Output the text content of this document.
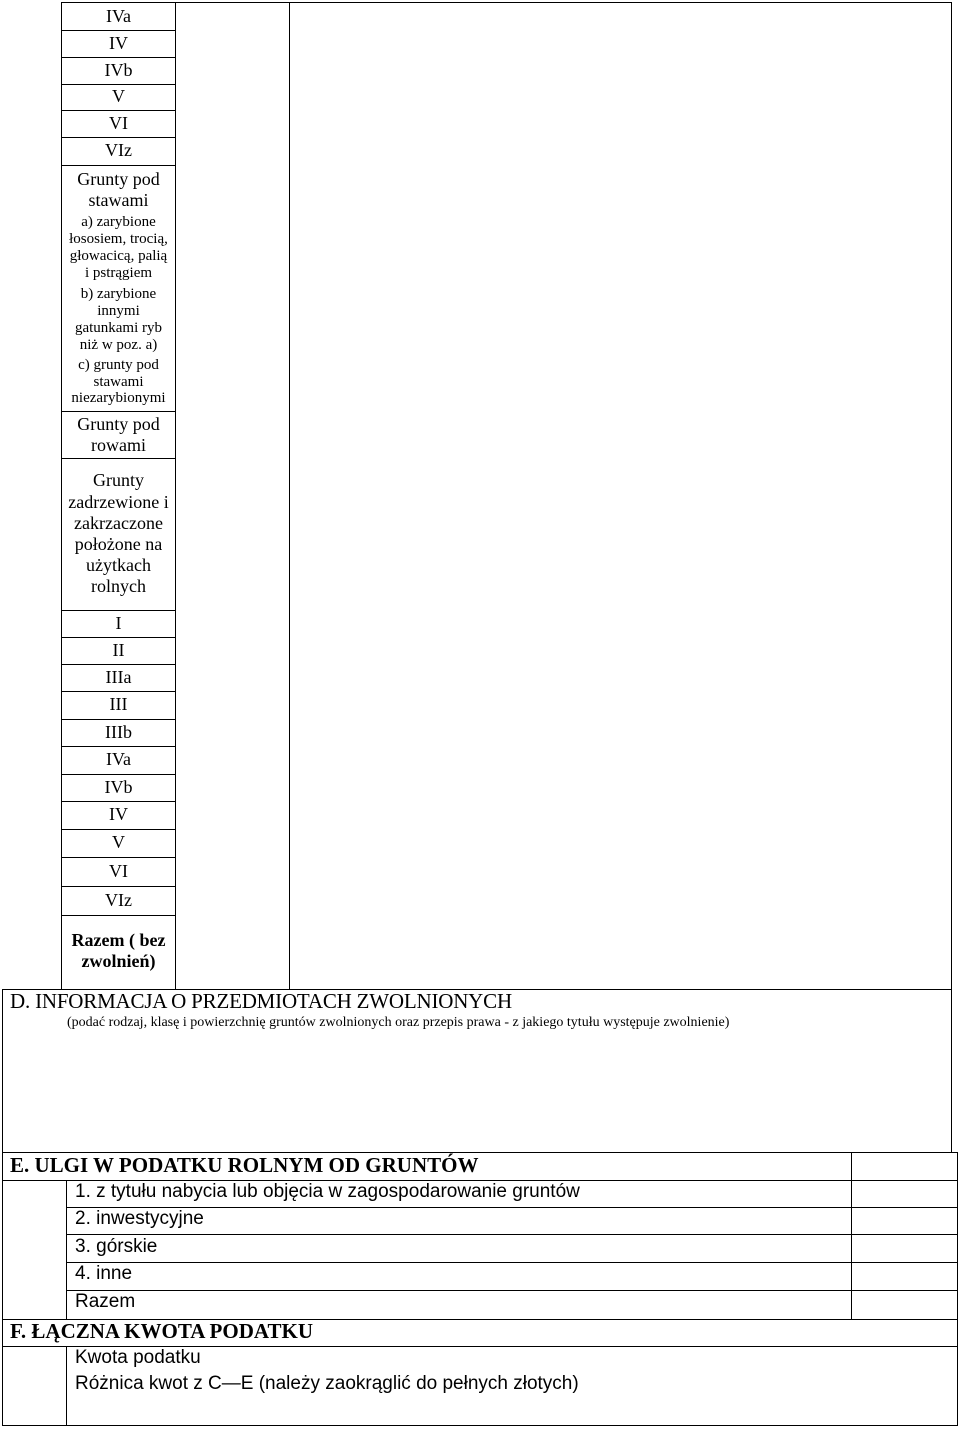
IVa
IV
IVb
V
VI
VIz
Grunty pod stawami
a) zarybione łososiem, trocią, głowacicą, palią i pstrągiem
b) zarybione innymi gatunkami ryb niż w poz. a)
c) grunty pod stawami niezarybionymi
Grunty pod rowami
Grunty zadrzewione i zakrzaczone położone na użytkach rolnych
I
II
IIIa
III
IIIb
IVa
IVb
IV
V
VI
VIz
Razem ( bez zwolnień)
D. INFORMACJA O PRZEDMIOTACH ZWOLNIONYCH
(podać rodzaj, klasę i powierzchnię gruntów zwolnionych oraz przepis prawa - z jakiego tytułu występuje zwolnienie)
E. ULGI W PODATKU ROLNYM OD GRUNTÓW
1. z tytułu nabycia lub objęcia w zagospodarowanie gruntów
2. inwestycyjne
3. górskie
4. inne
Razem
F. ŁĄCZNA KWOTA PODATKU
Kwota podatku
Różnica kwot z C—E (należy zaokrąglić do pełnych złotych)
